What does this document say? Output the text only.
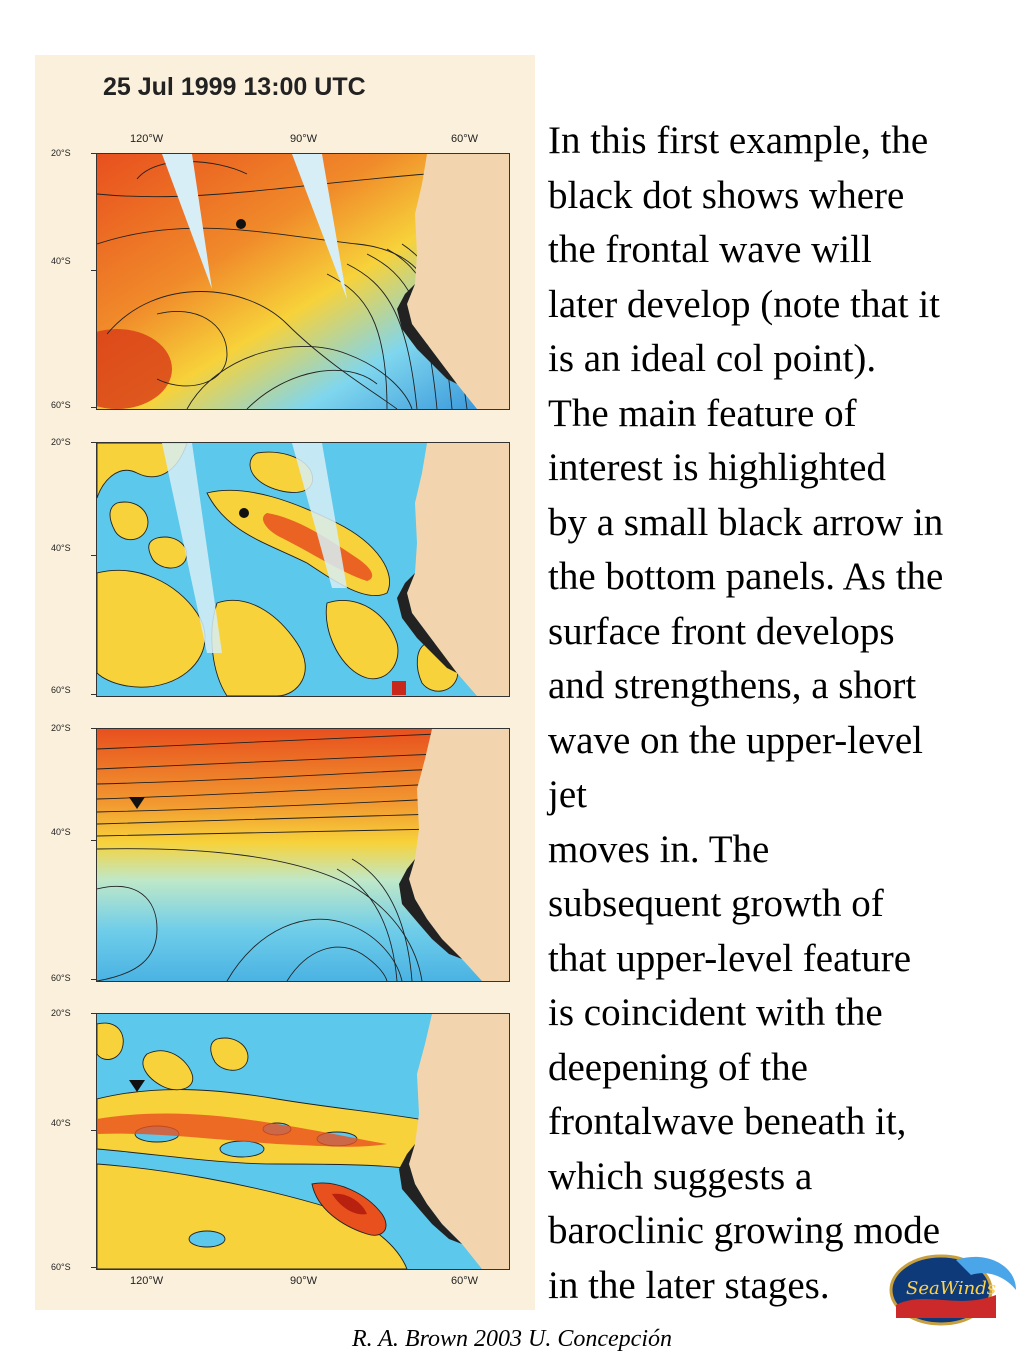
25 Jul 1999 13:00 UTC
120°W	90°W	60°W
20°S
40°S
60°S
20°S
40°S
60°S
20°S
40°S
60°S
20°S
40°S
60°S
120°W	90°W	60°W

In this first example, the

black dot shows where

the frontal wave will

later develop (note that it

is an ideal col point).

The main feature of

interest is highlighted

by a small black arrow in

the bottom panels. As the

surface front develops

and strengthens, a short

wave on the upper-level

jet

moves in. The

subsequent growth of

that upper-level feature

is coincident with the

deepening of the

frontalwave beneath it,

which suggests a

baroclinic growing mode

in the later stages.	SeaWinds
R. A. Brown 2003 U. Concepción
